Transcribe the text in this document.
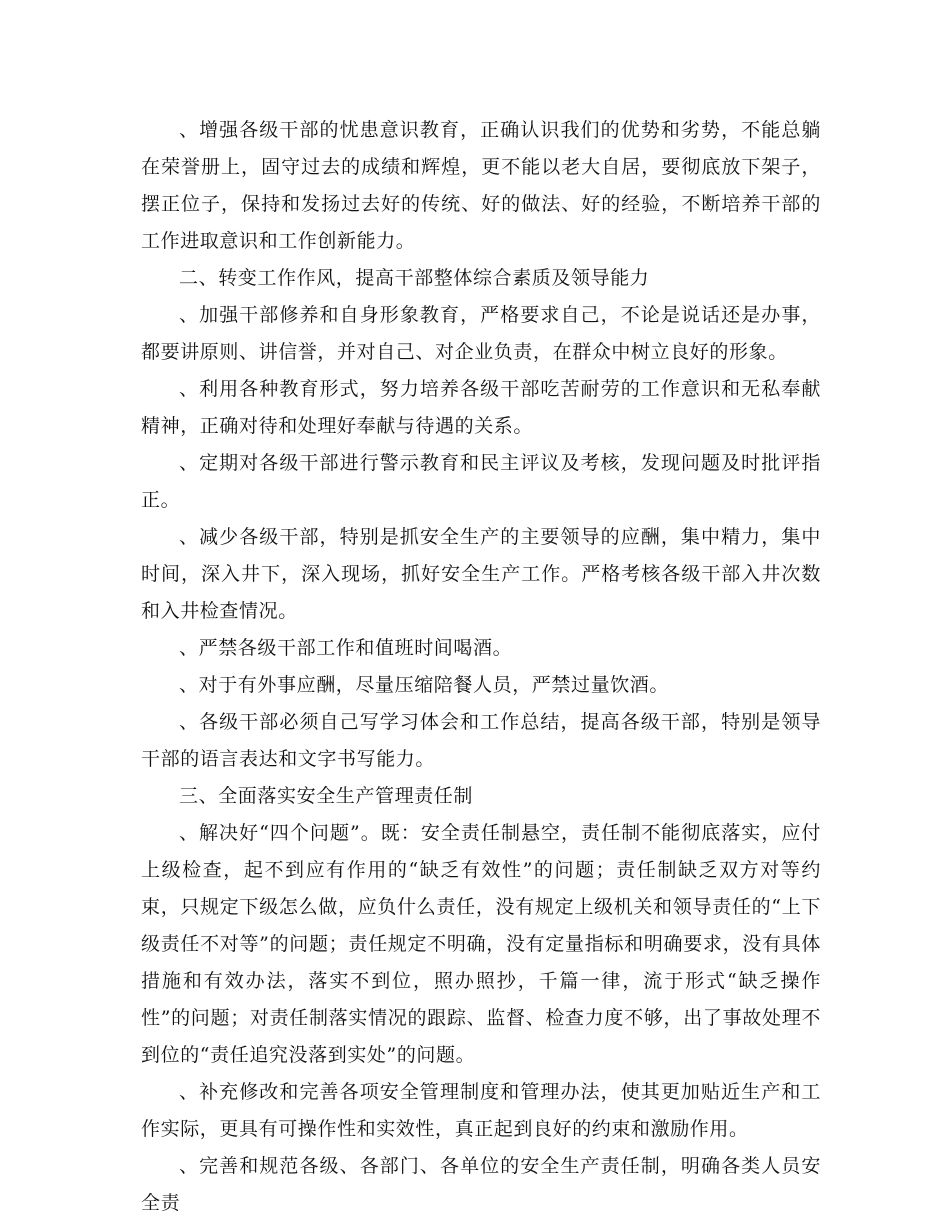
、增强各级干部的忧患意识教育，正确认识我们的优势和劣势，不能总躺在荣誉册上，固守过去的成绩和辉煌，更不能以老大自居，要彻底放下架子，摆正位子，保持和发扬过去好的传统、好的做法、好的经验，不断培养干部的工作进取意识和工作创新能力。

二、转变工作作风，提高干部整体综合素质及领导能力

、加强干部修养和自身形象教育，严格要求自己，不论是说话还是办事，都要讲原则、讲信誉，并对自己、对企业负责，在群众中树立良好的形象。

、利用各种教育形式，努力培养各级干部吃苦耐劳的工作意识和无私奉献精神，正确对待和处理好奉献与待遇的关系。

、定期对各级干部进行警示教育和民主评议及考核，发现问题及时批评指正。

、减少各级干部，特别是抓安全生产的主要领导的应酬，集中精力，集中时间，深入井下，深入现场，抓好安全生产工作。严格考核各级干部入井次数和入井检查情况。

、严禁各级干部工作和值班时间喝酒。

、对于有外事应酬，尽量压缩陪餐人员，严禁过量饮酒。

、各级干部必须自己写学习体会和工作总结，提高各级干部，特别是领导干部的语言表达和文字书写能力。

三、全面落实安全生产管理责任制

、解决好“四个问题”。既：安全责任制悬空，责任制不能彻底落实，应付上级检查，起不到应有作用的“缺乏有效性”的问题；责任制缺乏双方对等约束，只规定下级怎么做，应负什么责任，没有规定上级机关和领导责任的“上下级责任不对等”的问题；责任规定不明确，没有定量指标和明确要求，没有具体措施和有效办法，落实不到位，照办照抄，千篇一律，流于形式“缺乏操作性”的问题；对责任制落实情况的跟踪、监督、检查力度不够，出了事故处理不到位的“责任追究没落到实处”的问题。

、补充修改和完善各项安全管理制度和管理办法，使其更加贴近生产和工作实际，更具有可操作性和实效性，真正起到良好的约束和激励作用。

、完善和规范各级、各部门、各单位的安全生产责任制，明确各类人员安全责
